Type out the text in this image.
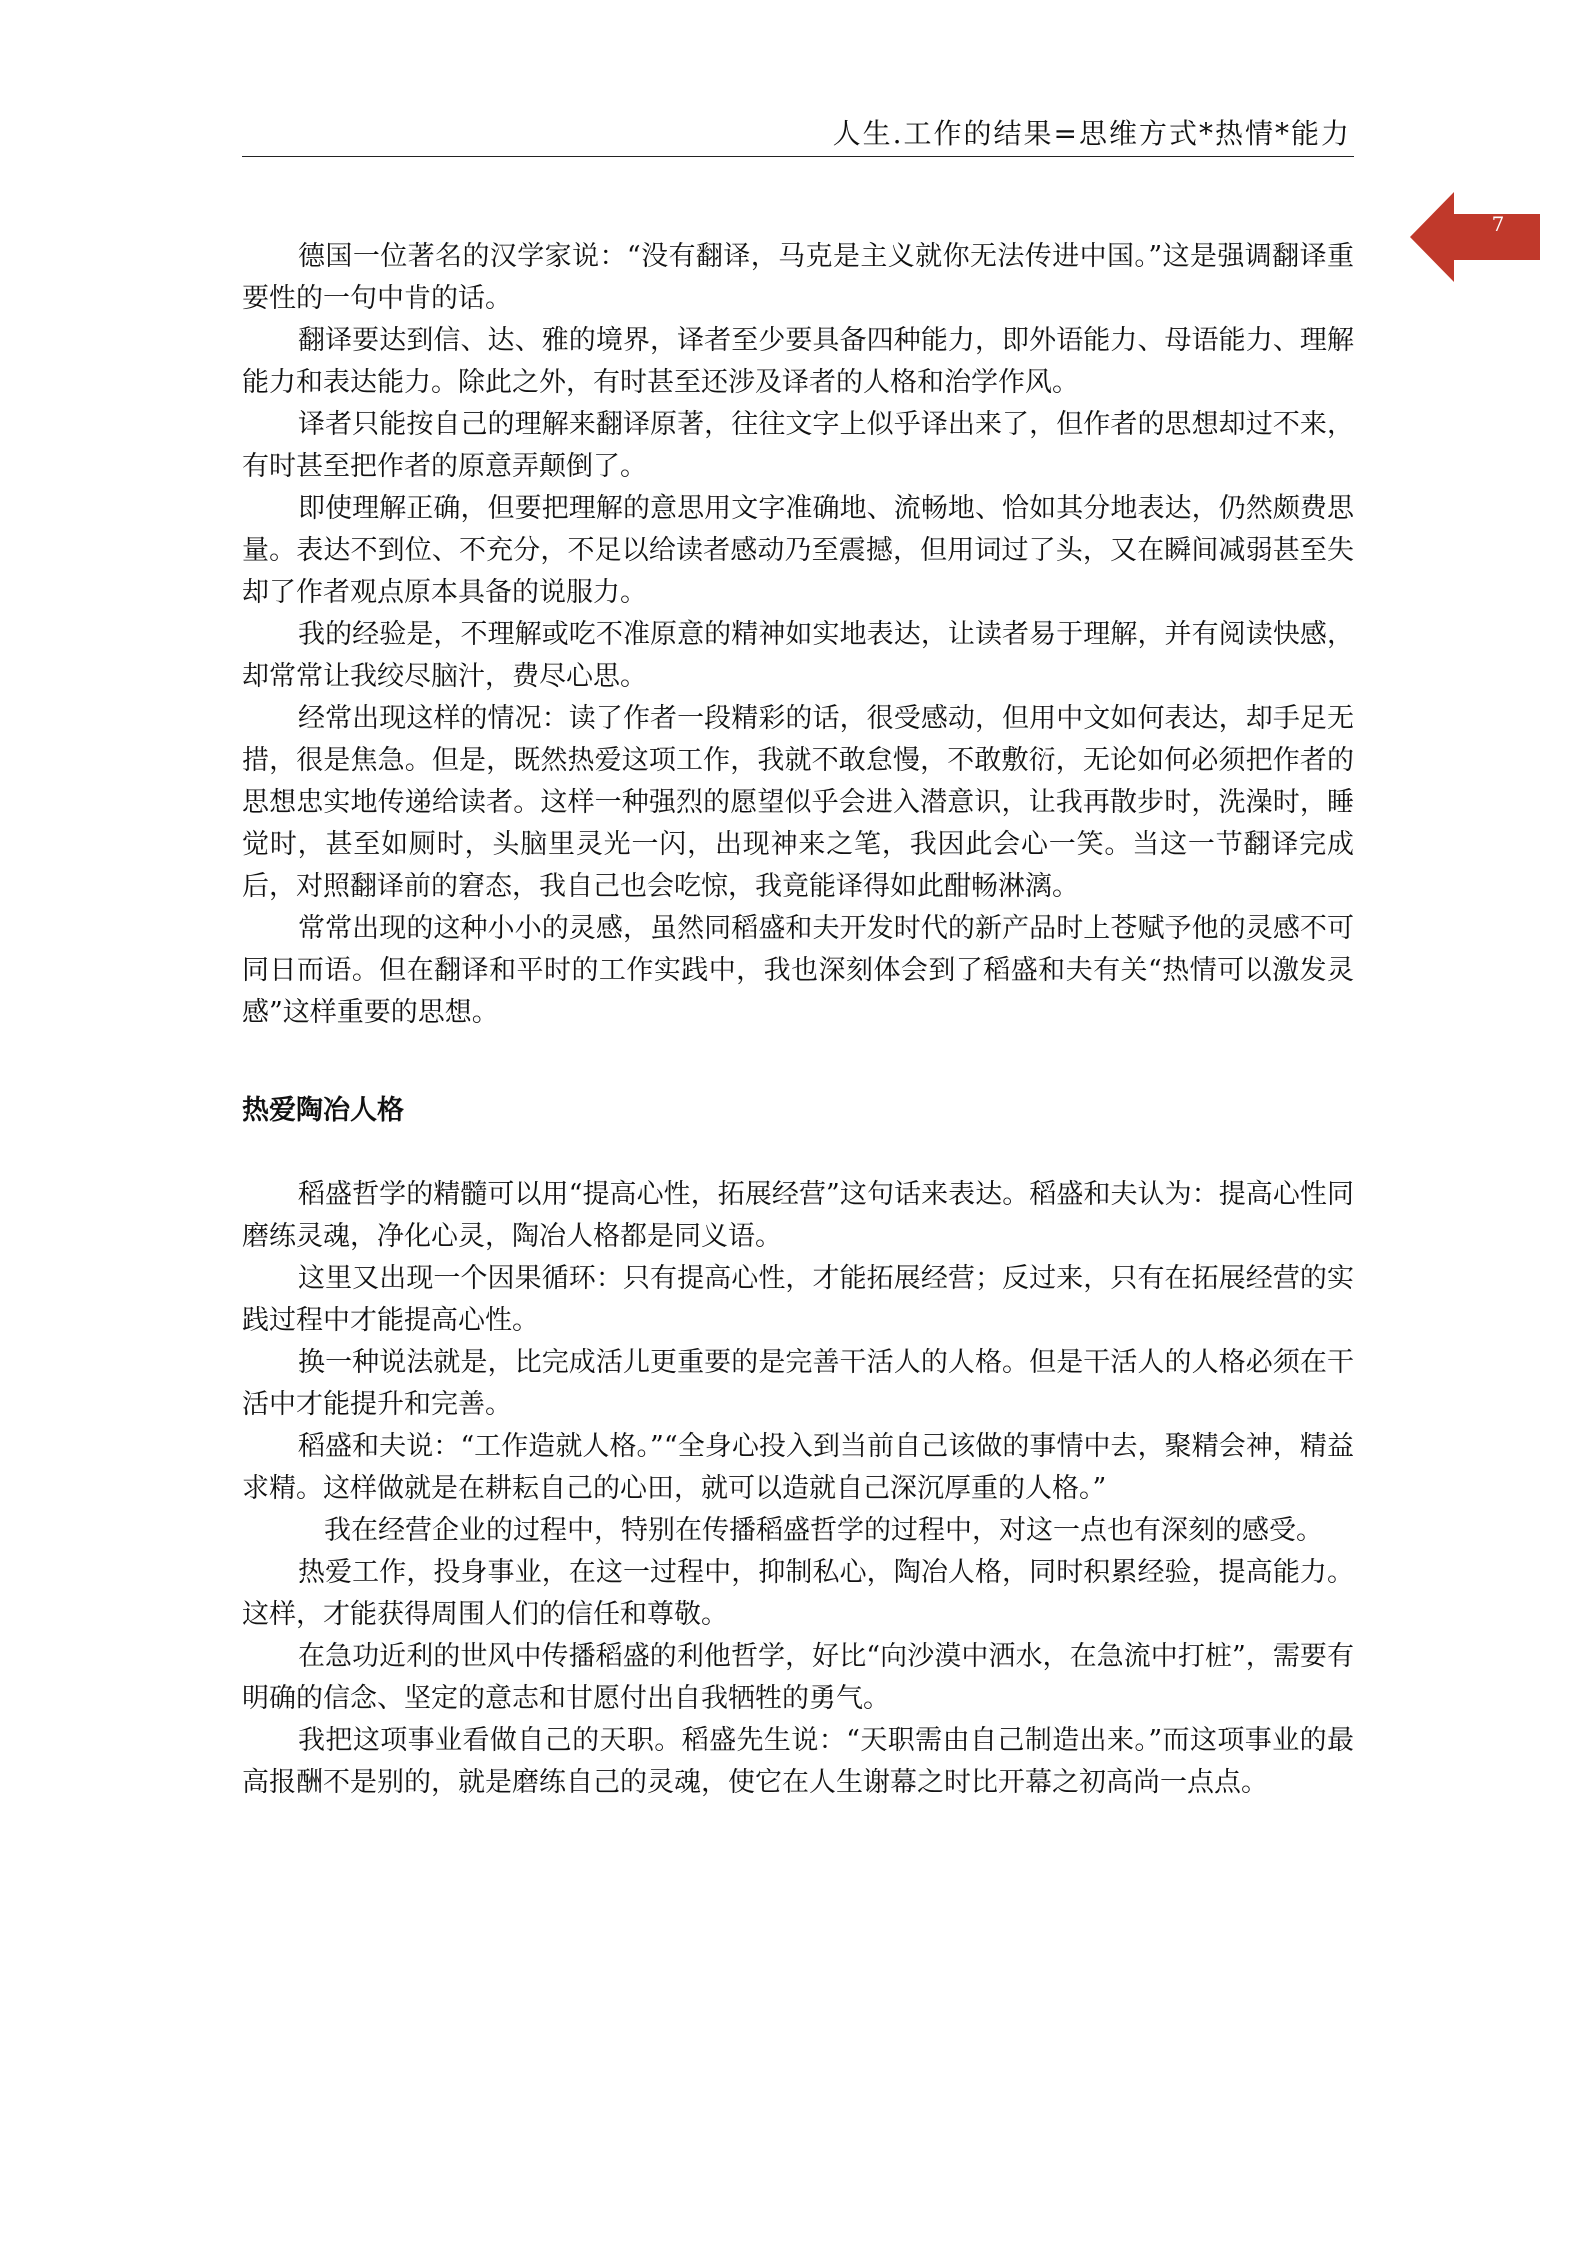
人生.工作的结果=思维方式*热情*能力
7

德国一位著名的汉学家说：“没有翻译，马克是主义就你无法传进中国。”这是强调翻译重要性的一句中肯的话。

翻译要达到信、达、雅的境界，译者至少要具备四种能力，即外语能力、母语能力、理解能力和表达能力。除此之外，有时甚至还涉及译者的人格和治学作风。

译者只能按自己的理解来翻译原著，往往文字上似乎译出来了，但作者的思想却过不来，有时甚至把作者的原意弄颠倒了。

即使理解正确，但要把理解的意思用文字准确地、流畅地、恰如其分地表达，仍然颇费思量。表达不到位、不充分，不足以给读者感动乃至震撼，但用词过了头，又在瞬间减弱甚至失却了作者观点原本具备的说服力。

我的经验是，不理解或吃不准原意的精神如实地表达，让读者易于理解，并有阅读快感，却常常让我绞尽脑汁，费尽心思。

经常出现这样的情况：读了作者一段精彩的话，很受感动，但用中文如何表达，却手足无措，很是焦急。但是，既然热爱这项工作，我就不敢怠慢，不敢敷衍，无论如何必须把作者的思想忠实地传递给读者。这样一种强烈的愿望似乎会进入潜意识，让我再散步时，洗澡时，睡觉时，甚至如厕时，头脑里灵光一闪，出现神来之笔，我因此会心一笑。当这一节翻译完成后，对照翻译前的窘态，我自己也会吃惊，我竟能译得如此酣畅淋漓。

常常出现的这种小小的灵感，虽然同稻盛和夫开发时代的新产品时上苍赋予他的灵感不可同日而语。但在翻译和平时的工作实践中，我也深刻体会到了稻盛和夫有关“热情可以激发灵感”这样重要的思想。

热爱陶冶人格

稻盛哲学的精髓可以用“提高心性，拓展经营”这句话来表达。稻盛和夫认为：提高心性同磨练灵魂，净化心灵，陶冶人格都是同义语。

这里又出现一个因果循环：只有提高心性，才能拓展经营；反过来，只有在拓展经营的实践过程中才能提高心性。

换一种说法就是，比完成活儿更重要的是完善干活人的人格。但是干活人的人格必须在干活中才能提升和完善。

稻盛和夫说：“工作造就人格。”“全身心投入到当前自己该做的事情中去，聚精会神，精益求精。这样做就是在耕耘自己的心田，就可以造就自己深沉厚重的人格。”

我在经营企业的过程中，特别在传播稻盛哲学的过程中，对这一点也有深刻的感受。

热爱工作，投身事业，在这一过程中，抑制私心，陶冶人格，同时积累经验，提高能力。这样，才能获得周围人们的信任和尊敬。

在急功近利的世风中传播稻盛的利他哲学，好比“向沙漠中洒水，在急流中打桩”，需要有明确的信念、坚定的意志和甘愿付出自我牺牲的勇气。

我把这项事业看做自己的天职。稻盛先生说：“天职需由自己制造出来。”而这项事业的最高报酬不是别的，就是磨练自己的灵魂，使它在人生谢幕之时比开幕之初高尚一点点。
